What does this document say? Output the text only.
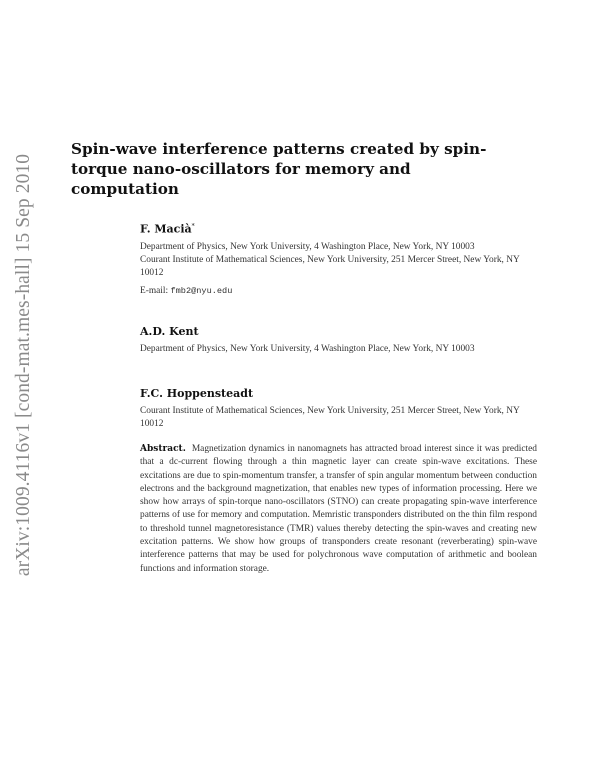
arXiv:1009.4116v1 [cond-mat.mes-hall] 15 Sep 2010
Spin-wave interference patterns created by spin-torque nano-oscillators for memory and computation

F. Macià*

Department of Physics, New York University, 4 Washington Place, New York, NY 10003

Courant Institute of Mathematical Sciences, New York University, 251 Mercer Street, New York, NY 10012

E-mail: fmb2@nyu.edu

A.D. Kent

Department of Physics, New York University, 4 Washington Place, New York, NY 10003

F.C. Hoppensteadt

Courant Institute of Mathematical Sciences, New York University, 251 Mercer Street, New York, NY 10012

Abstract. Magnetization dynamics in nanomagnets has attracted broad interest since it was predicted that a dc-current flowing through a thin magnetic layer can create spin-wave excitations. These excitations are due to spin-momentum transfer, a transfer of spin angular momentum between conduction electrons and the background magnetization, that enables new types of information processing. Here we show how arrays of spin-torque nano-oscillators (STNO) can create propagating spin-wave interference patterns of use for memory and computation. Memristic transponders distributed on the thin film respond to threshold tunnel magnetoresistance (TMR) values thereby detecting the spin-waves and creating new excitation patterns. We show how groups of transponders create resonant (reverberating) spin-wave interference patterns that may be used for polychronous wave computation of arithmetic and boolean functions and information storage.
